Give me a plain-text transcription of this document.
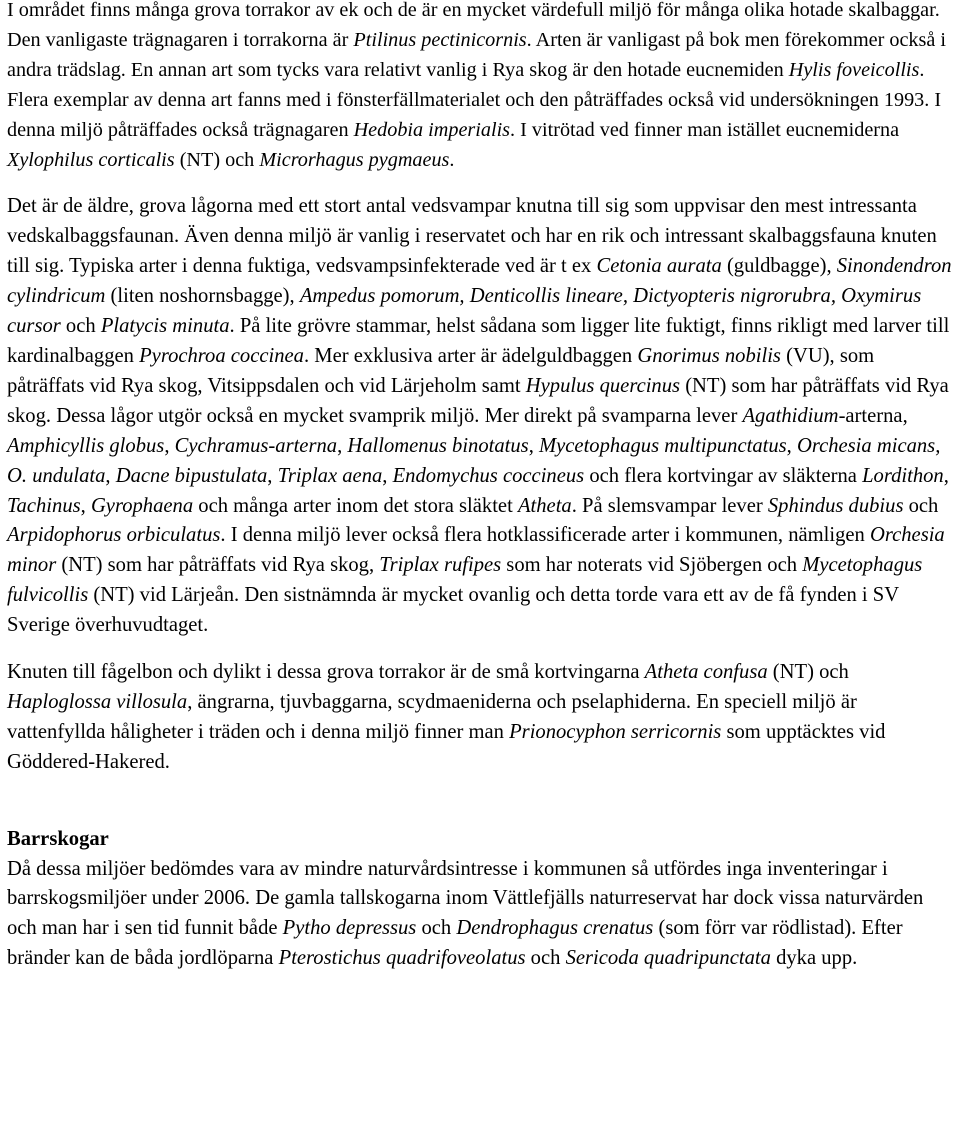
I området finns många grova torrakor av ek och de är en mycket värdefull miljö för många olika hotade skalbaggar. Den vanligaste trägnagaren i torrakorna är Ptilinus pectinicornis. Arten är vanligast på bok men förekommer också i andra trädslag. En annan art som tycks vara relativt vanlig i Rya skog är den hotade eucnemiden Hylis foveicollis. Flera exemplar av denna art fanns med i fönsterfällmaterialet och den påträffades också vid undersökningen 1993. I denna miljö påträffades också trägnagaren Hedobia imperialis. I vitrötad ved finner man istället eucnemiderna Xylophilus corticalis (NT) och Microrhagus pygmaeus.

Det är de äldre, grova lågorna med ett stort antal vedsvampar knutna till sig som uppvisar den mest intressanta vedskalbaggsfaunan. Även denna miljö är vanlig i reservatet och har en rik och intressant skalbaggsfauna knuten till sig. Typiska arter i denna fuktiga, vedsvampsinfekterade ved är t ex Cetonia aurata (guldbagge), Sinondendron cylindricum (liten noshornsbagge), Ampedus pomorum, Denticollis lineare, Dictyopteris nigrorubra, Oxymirus cursor och Platycis minuta. På lite grövre stammar, helst sådana som ligger lite fuktigt, finns rikligt med larver till kardinalbaggen Pyrochroa coccinea. Mer exklusiva arter är ädelguldbaggen Gnorimus nobilis (VU), som påträffats vid Rya skog, Vitsippsdalen och vid Lärjeholm samt Hypulus quercinus (NT) som har påträffats vid Rya skog. Dessa lågor utgör också en mycket svamprik miljö. Mer direkt på svamparna lever Agathidium-arterna, Amphicyllis globus, Cychramus-arterna, Hallomenus binotatus, Mycetophagus multipunctatus, Orchesia micans, O. undulata, Dacne bipustulata, Triplax aena, Endomychus coccineus och flera kortvingar av släkterna Lordithon, Tachinus, Gyrophaena och många arter inom det stora släktet Atheta. På slemsvampar lever Sphindus dubius och Arpidophorus orbiculatus. I denna miljö lever också flera hotklassificerade arter i kommunen, nämligen Orchesia minor (NT) som har påträffats vid Rya skog, Triplax rufipes som har noterats vid Sjöbergen och Mycetophagus fulvicollis (NT) vid Lärjeån. Den sistnämnda är mycket ovanlig och detta torde vara ett av de få fynden i SV Sverige överhuvudtaget.

Knuten till fågelbon och dylikt i dessa grova torrakor är de små kortvingarna Atheta confusa (NT) och Haploglossa villosula, ängrarna, tjuvbaggarna, scydmaeniderna och pselaphiderna. En speciell miljö är vattenfyllda håligheter i träden och i denna miljö finner man Prionocyphon serricornis som upptäcktes vid Göddered-Hakered.

Barrskogar
Då dessa miljöer bedömdes vara av mindre naturvårdsintresse i kommunen så utfördes inga inventeringar i barrskogsmiljöer under 2006. De gamla tallskogarna inom Vättlefjälls naturreservat har dock vissa naturvärden och man har i sen tid funnit både Pytho depressus och Dendrophagus crenatus (som förr var rödlistad). Efter bränder kan de båda jordlöparna Pterostichus quadrifoveolatus och Sericoda quadripunctata dyka upp.
